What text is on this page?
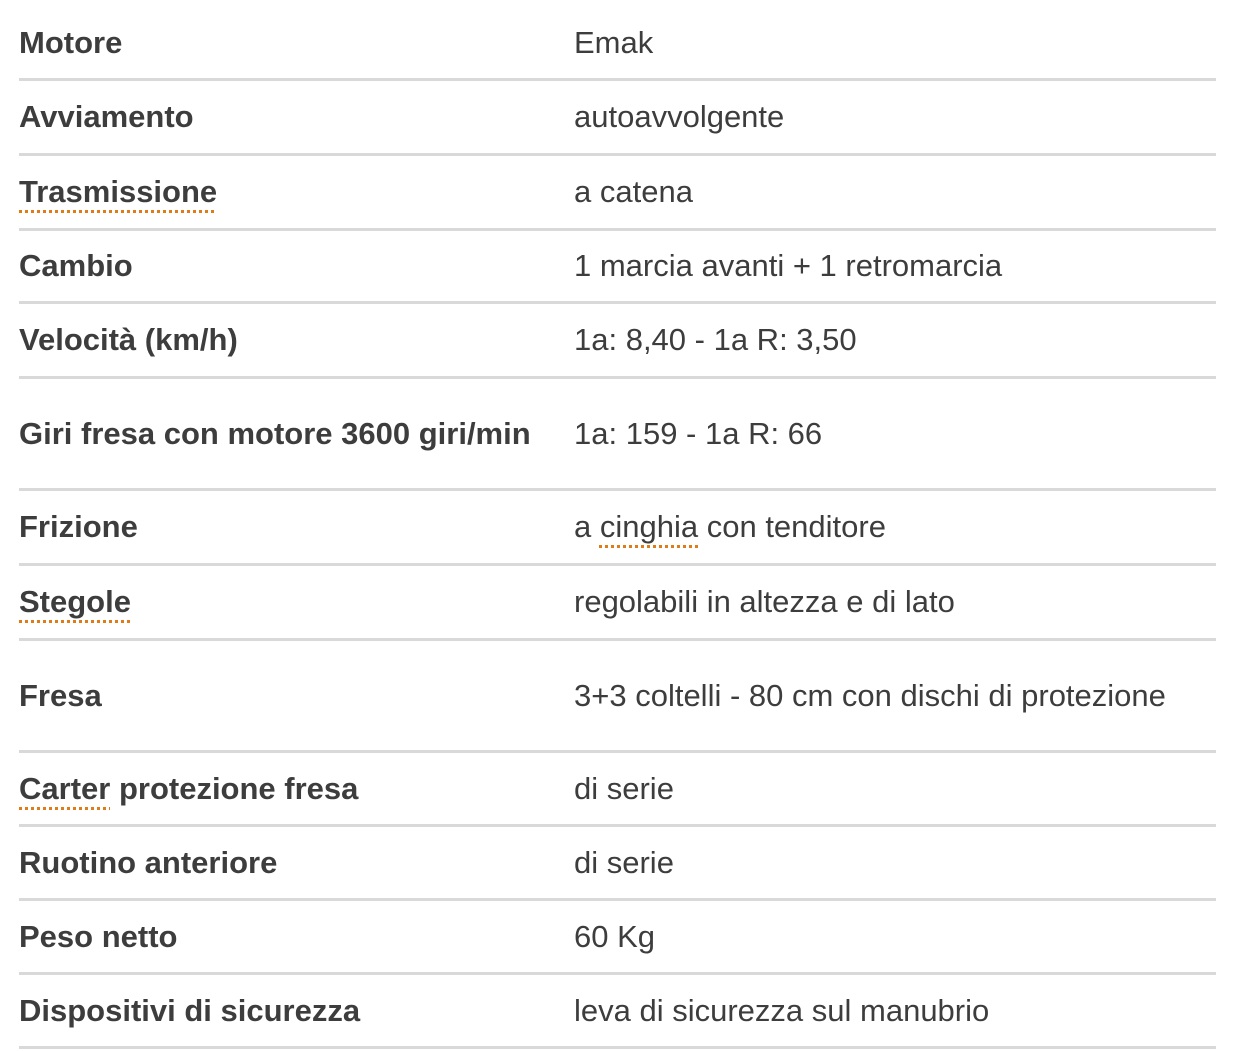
Motore	Emak
Avviamento	autoavvolgente
Trasmissione	a catena
Cambio	1 marcia avanti + 1 retromarcia
Velocità (km/h)	1a: 8,40 - 1a R: 3,50
Giri fresa con motore 3600 giri/min	1a: 159 - 1a R: 66
Frizione	a cinghia con tenditore
Stegole	regolabili in altezza e di lato
Fresa	3+3 coltelli - 80 cm con dischi di protezione
Carter protezione fresa	di serie
Ruotino anteriore	di serie
Peso netto	60 Kg
Dispositivi di sicurezza	leva di sicurezza sul manubrio
